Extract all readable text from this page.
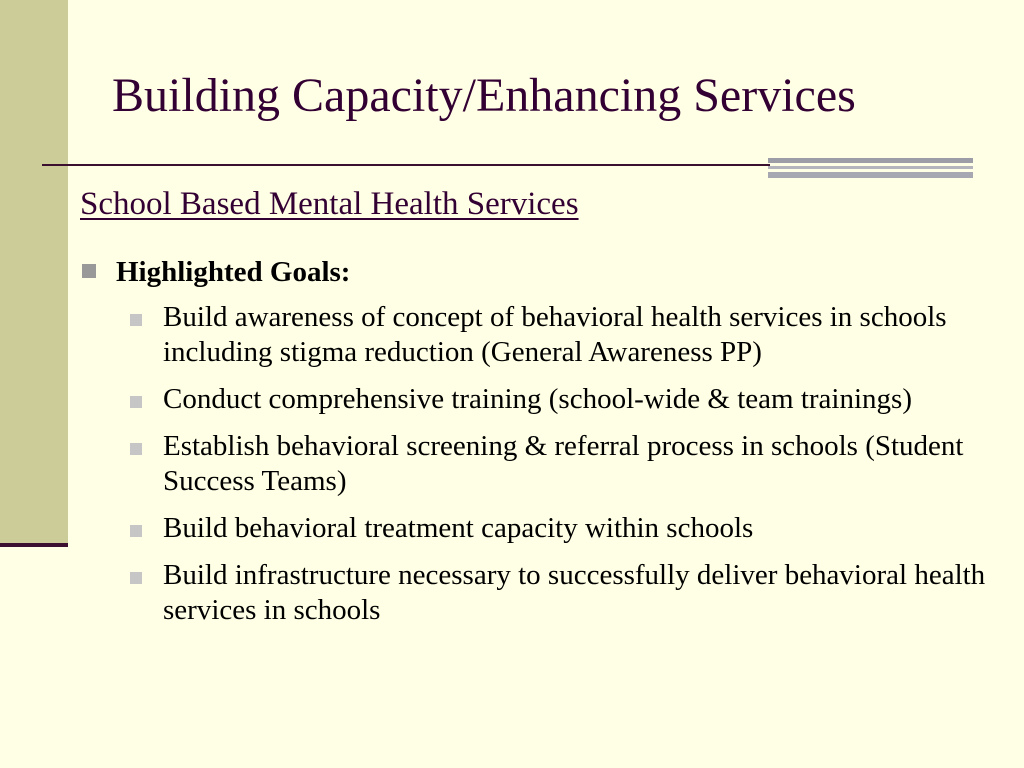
Building Capacity/Enhancing Services
School Based Mental Health Services
Highlighted Goals:
Build awareness of concept of behavioral health services in schools including stigma reduction (General Awareness PP)
Conduct comprehensive training (school-wide & team trainings)
Establish behavioral screening & referral process in schools (Student Success Teams)
Build behavioral treatment capacity within schools
Build infrastructure necessary to successfully deliver behavioral health services in schools
